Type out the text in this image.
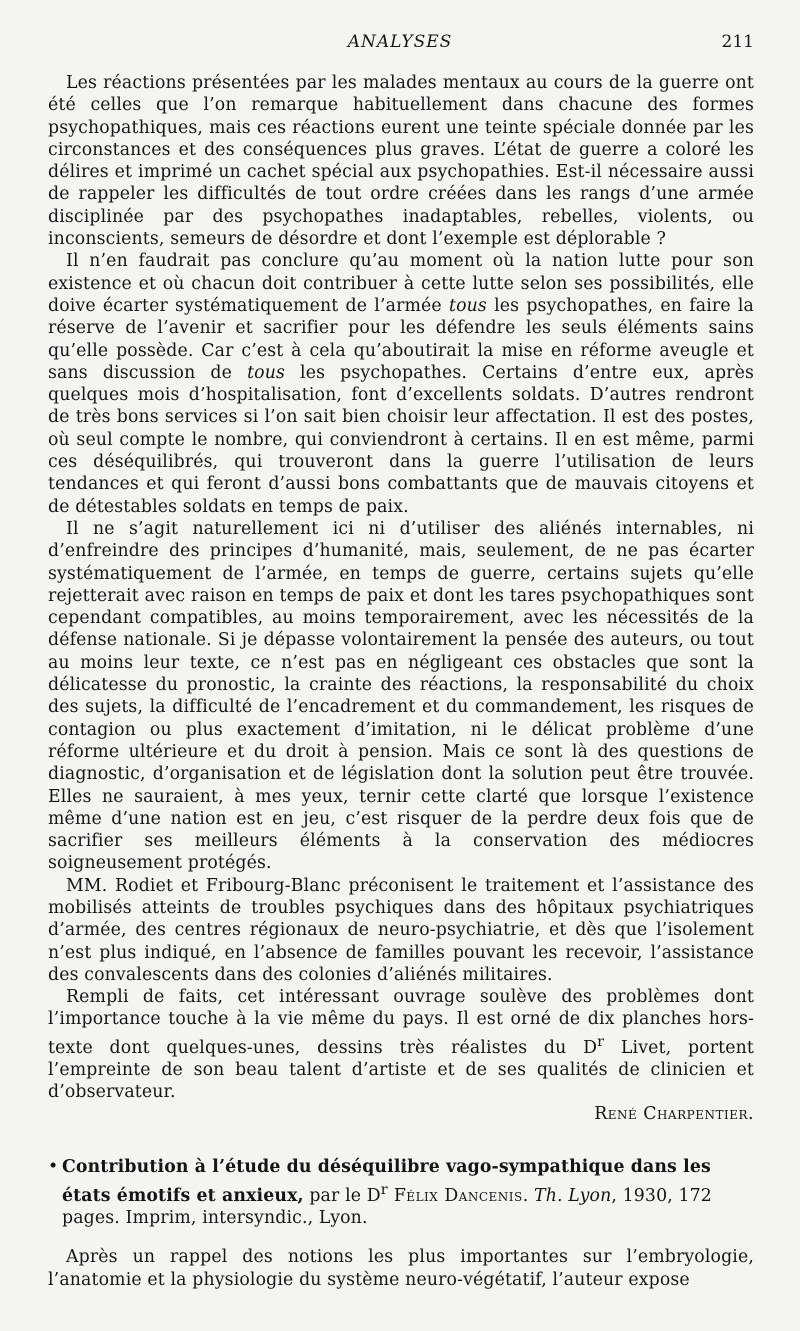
ANALYSES	211

Les réactions présentées par les malades mentaux au cours de la guerre ont été celles que l’on remarque habituellement dans chacune des formes psychopathiques, mais ces réactions eurent une teinte spéciale donnée par les circonstances et des conséquences plus graves. L’état de guerre a coloré les délires et imprimé un cachet spécial aux psychopathies. Est-il nécessaire aussi de rappeler les difficultés de tout ordre créées dans les rangs d’une armée disciplinée par des psychopathes inadaptables, rebelles, violents, ou inconscients, semeurs de désordre et dont l’exemple est déplorable ?

Il n’en faudrait pas conclure qu’au moment où la nation lutte pour son existence et où chacun doit contribuer à cette lutte selon ses possibilités, elle doive écarter systématiquement de l’armée tous les psychopathes, en faire la réserve de l’avenir et sacrifier pour les défendre les seuls éléments sains qu’elle possède. Car c’est à cela qu’aboutirait la mise en réforme aveugle et sans discussion de tous les psychopathes. Certains d’entre eux, après quelques mois d’hospitalisation, font d’excellents soldats. D’autres rendront de très bons services si l’on sait bien choisir leur affectation. Il est des postes, où seul compte le nombre, qui conviendront à certains. Il en est même, parmi ces déséquilibrés, qui trouveront dans la guerre l’utilisation de leurs tendances et qui feront d’aussi bons combattants que de mauvais citoyens et de détestables soldats en temps de paix.

Il ne s’agit naturellement ici ni d’utiliser des aliénés internables, ni d’enfreindre des principes d’humanité, mais, seulement, de ne pas écarter systématiquement de l’armée, en temps de guerre, certains sujets qu’elle rejetterait avec raison en temps de paix et dont les tares psychopathiques sont cependant compatibles, au moins temporairement, avec les nécessités de la défense nationale. Si je dépasse volontairement la pensée des auteurs, ou tout au moins leur texte, ce n’est pas en négligeant ces obstacles que sont la délicatesse du pronostic, la crainte des réactions, la responsabilité du choix des sujets, la difficulté de l’encadrement et du commandement, les risques de contagion ou plus exactement d’imitation, ni le délicat problème d’une réforme ultérieure et du droit à pension. Mais ce sont là des questions de diagnostic, d’organisation et de législation dont la solution peut être trouvée. Elles ne sauraient, à mes yeux, ternir cette clarté que lorsque l’existence même d’une nation est en jeu, c’est risquer de la perdre deux fois que de sacrifier ses meilleurs éléments à la conservation des médiocres soigneusement protégés.

MM. Rodiet et Fribourg-Blanc préconisent le traitement et l’assistance des mobilisés atteints de troubles psychiques dans des hôpitaux psychiatriques d’armée, des centres régionaux de neuro-psychiatrie, et dès que l’isolement n’est plus indiqué, en l’absence de familles pouvant les recevoir, l’assistance des convalescents dans des colonies d’aliénés militaires.

Rempli de faits, cet intéressant ouvrage soulève des problèmes dont l’importance touche à la vie même du pays. Il est orné de dix planches hors-texte dont quelques-unes, dessins très réalistes du $D^r$ Livet, portent l’empreinte de son beau talent d’artiste et de ses qualités de clinicien et d’observateur.

René Charpentier.

• Contribution à l’étude du déséquilibre vago-sympathique dans les états émotifs et anxieux, par le $D^r$ Félix Dancenis. Th. Lyon, 1930, 172 pages. Imprim, intersyndic., Lyon.

Après un rappel des notions les plus importantes sur l’embryologie, l’anatomie et la physiologie du système neuro-végétatif, l’auteur expose
